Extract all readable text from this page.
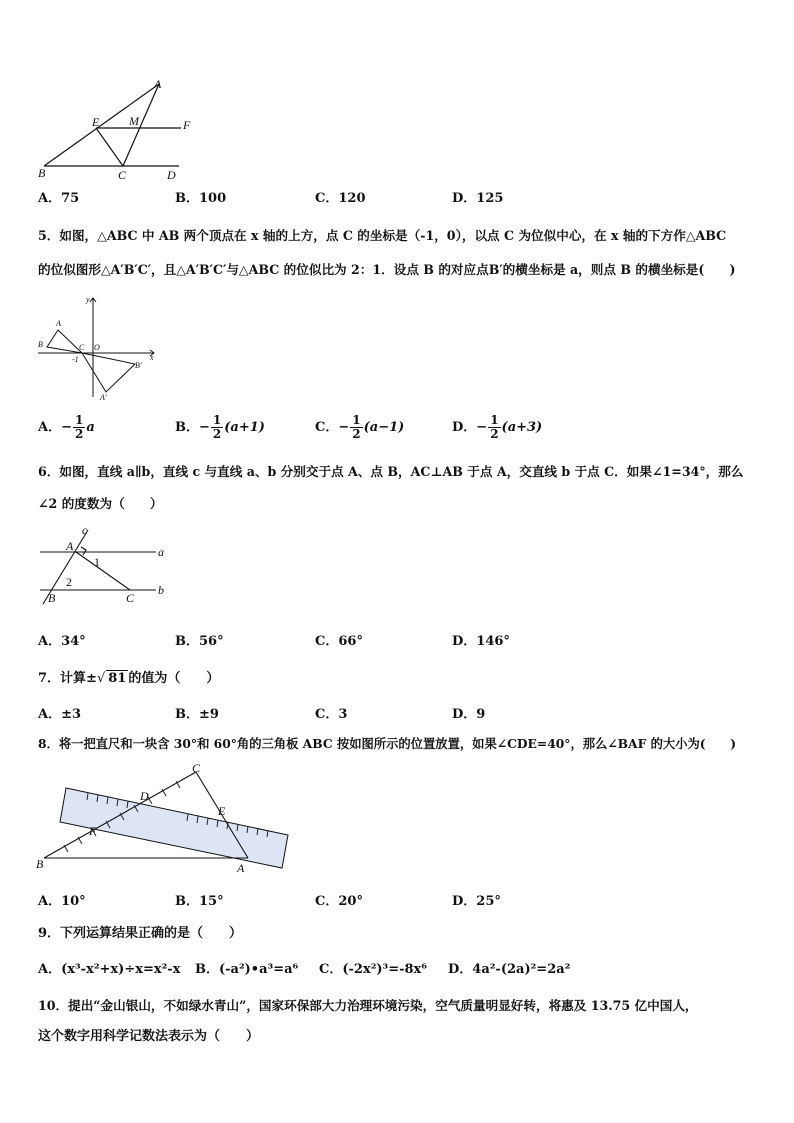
A
E M	F
B	C	D
A．75	B．100	C．120	D．125
5．如图，△ABC 中 AB 两个顶点在 x 轴的上方，点 C 的坐标是（-1，0），以点 C 为位似中心，在 x 轴的下方作△ABC
的位似图形△A′B′C′，且△A′B′C′与△ABC 的位似比为 2：1．设点 B 的对应点B′的横坐标是 a，则点 B 的横坐标是(　　)
y
A
B	C O
x
-1
B′
A′
A．− $\frac{1}{2}$ a	B．− $\frac{1}{2} (a+1)$	C．− $\frac{1}{2} (a-1)$	D．− $\frac{1}{2} (a+3)$
6．如图，直线 a∥b，直线 c 与直线 a、b 分别交于点 A、点 B，AC⊥AB 于点 A，交直线 b 于点 C．如果∠1=34°，那么
∠2 的度数为（　　）
c
A
1
a
2
B	C
b
A．34°	B．56°	C．66°	D．146°
7．计算±√ 81 的值为（　　）
A．±3	B．±9	C．3	D．9
8．将一把直尺和一块含 30°和 60°角的三角板 ABC 按如图所示的位置放置，如果∠CDE=40°，那么∠BAF 的大小为(　　)
C
D
E
F
B	A
A．10°	B．15°	C．20°	D．25°
9．下列运算结果正确的是（　　）
A．(x³-x²+x)÷x=x²-x B．(-a²)•a³=a⁶ C．(-2x²)³=-8x⁶ D．4a²-(2a)²=2a²
10．提出“金山银山，不如绿水青山”，国家环保部大力治理环境污染，空气质量明显好转，将惠及 13.75 亿中国人，
这个数字用科学记数法表示为（　　）
